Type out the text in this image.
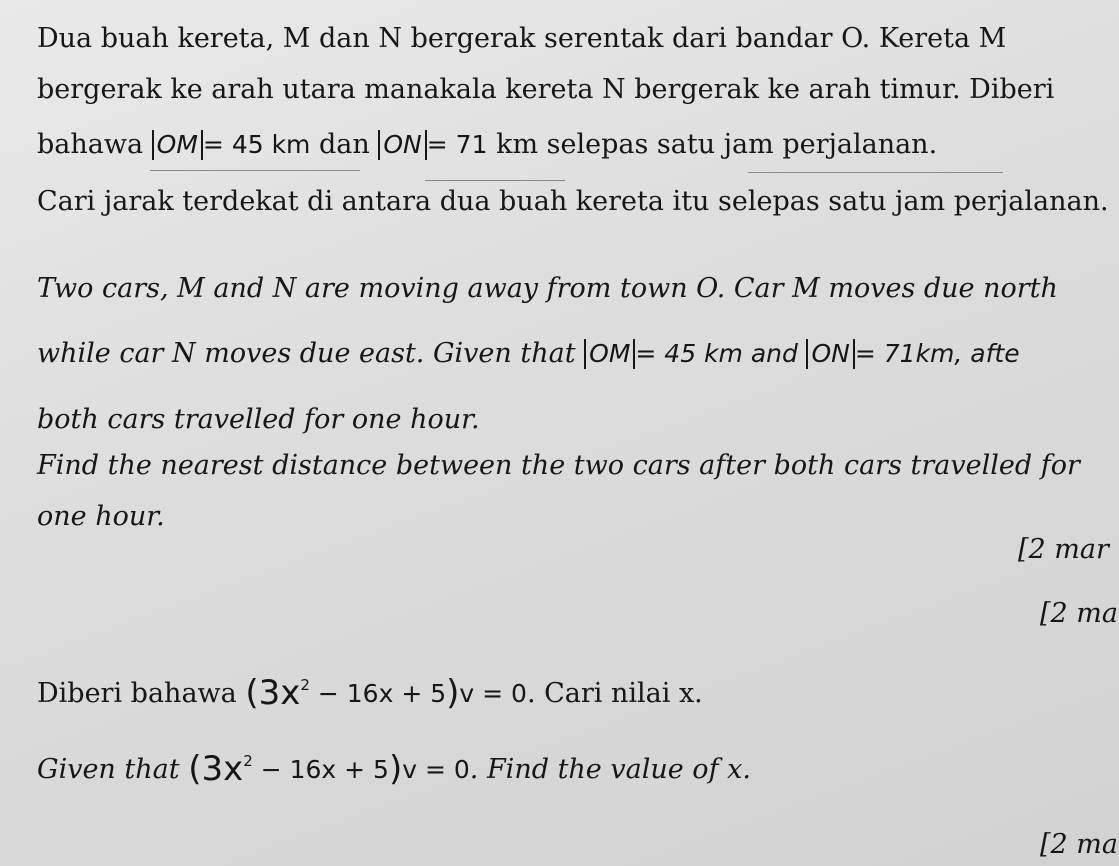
Dua buah kereta, M dan N bergerak serentak dari bandar O. Kereta M
bergerak ke arah utara manakala kereta N bergerak ke arah timur. Diberi
bahawa OM = 45 km dan ON = 71 km selepas satu jam perjalanan.
Cari jarak terdekat di antara dua buah kereta itu selepas satu jam perjalanan.
Two cars, M and N are moving away from town O. Car M moves due north
while car N moves due east. Given that OM = 45 km and ON = 71km, afte
both cars travelled for one hour.
Find the nearest distance between the two cars after both cars travelled for
one hour.
[2 mar
[2 ma
Diberi bahawa $(3x^2 - 16x + 5)v = 0$. Cari nilai x.
Given that $(3x^2 - 16x + 5)v = 0$. Find the value of x.
[2 ma
